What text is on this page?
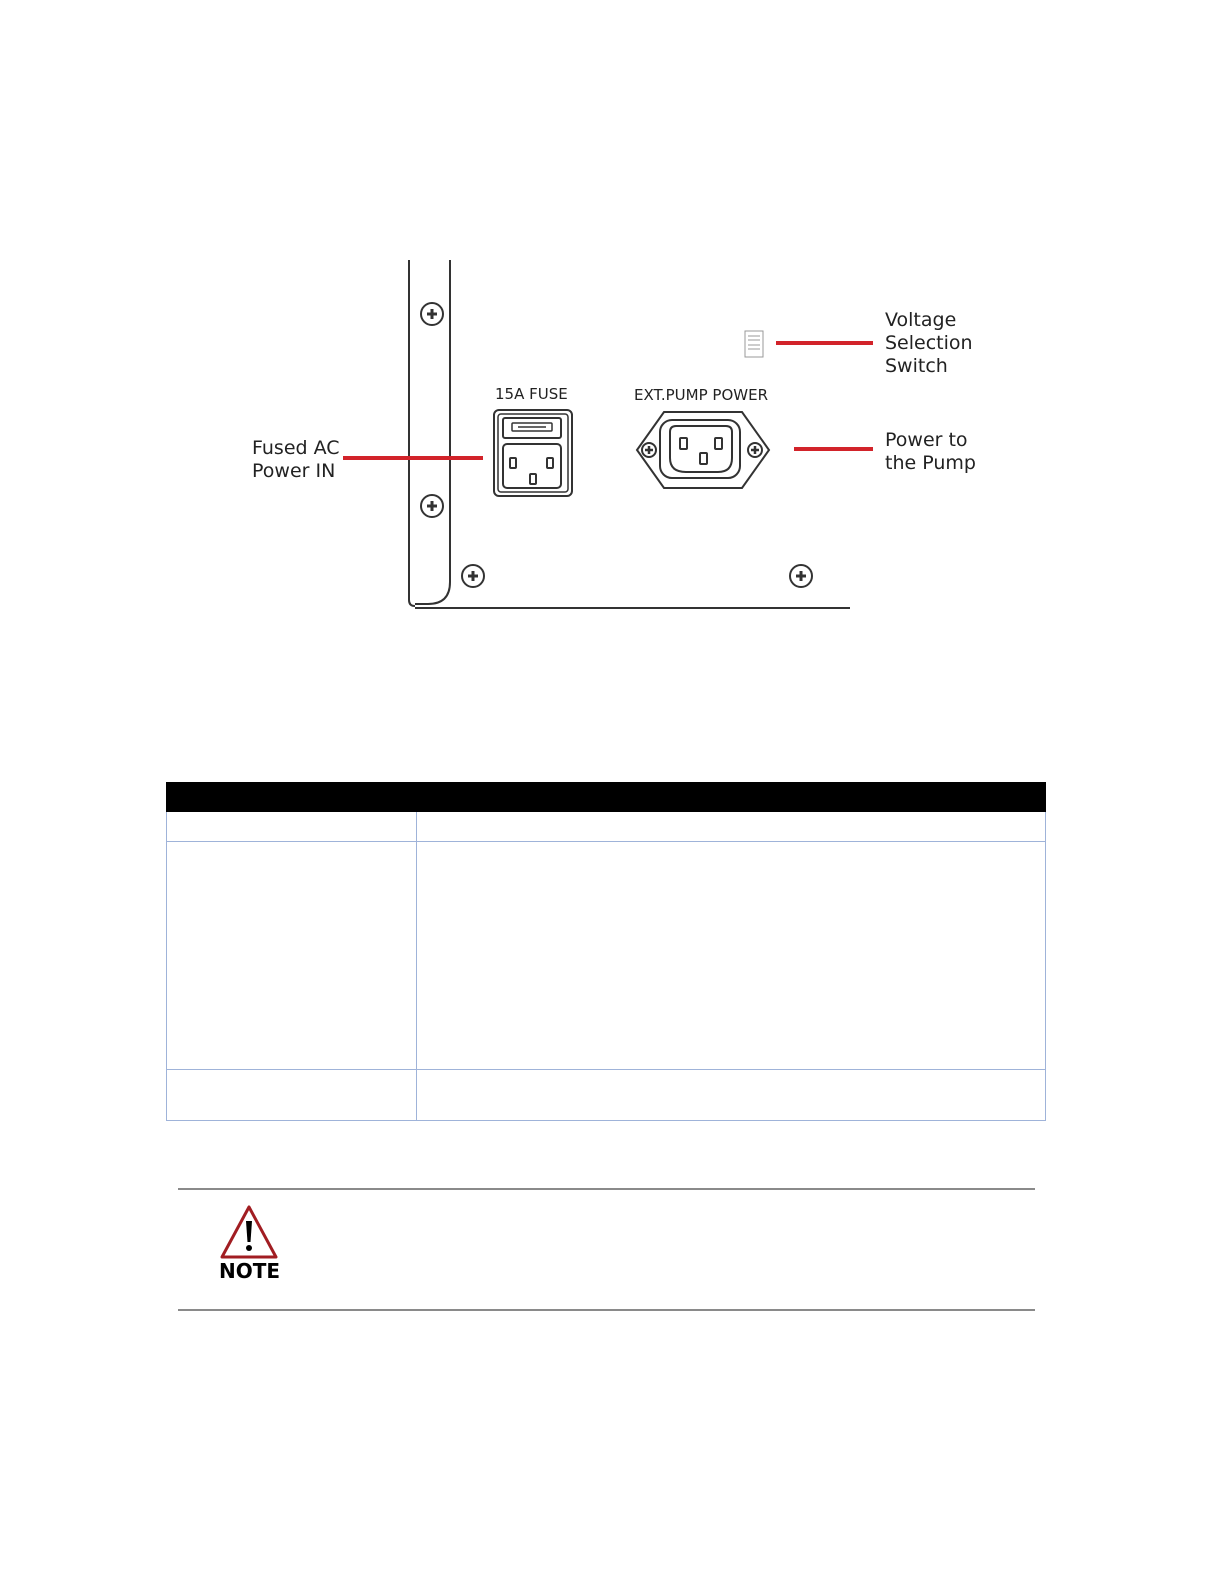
15A FUSE	EXT.PUMP POWER
Fused AC
Power IN
Voltage
Selection
Switch
Power to
the Pump

NOTE
